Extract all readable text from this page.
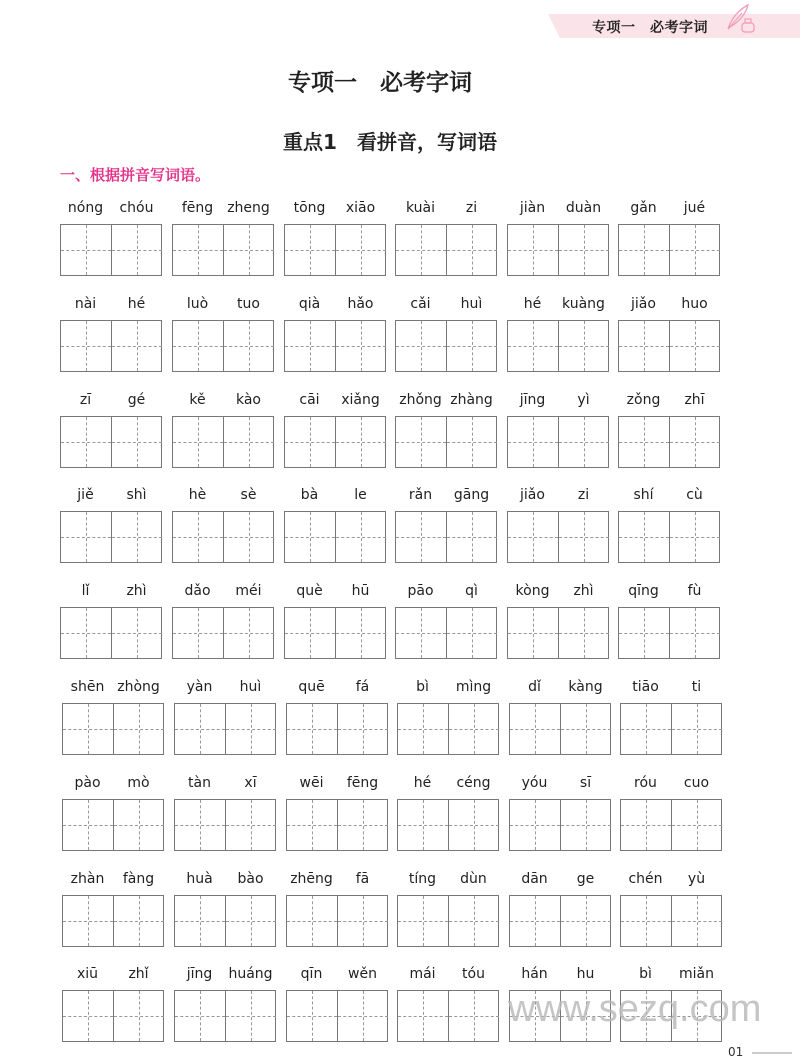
专项一　必考字词
专项一　必考字词
重点1　看拼音，写词语
一、根据拼音写词语。
nóng	chóu	fēng	zheng	tōng	xiāo	kuài	zi	jiàn	duàn	gǎn	jué
nài	hé	luò	tuo	qià	hǎo	cǎi	huì	hé	kuàng	jiǎo	huo
zī	gé	kě	kào	cāi	xiǎng	zhǒng zhàng	jīng	yì	zǒng	zhī
jiě	shì	hè	sè	bà	le	rǎn	gāng	jiǎo	zi	shí	cù
lǐ	zhì	dǎo	méi	què	hū	pāo	qì	kòng	zhì	qīng	fù
shēn zhòng	yàn	huì	quē	fá	bì	mìng	dǐ	kàng	tiāo	ti
pào	mò	tàn	xī	wēi	fēng	hé	céng	yóu	sī	róu	cuo
zhàn	fàng	huà	bào	zhēng	fā	tíng	dùn	dān	ge	chén	yù
xiū	zhǐ	jīng	huáng	qīn	wěn	mái	tóu	hán	hu	bì	miǎn
www.sezq.com
01
